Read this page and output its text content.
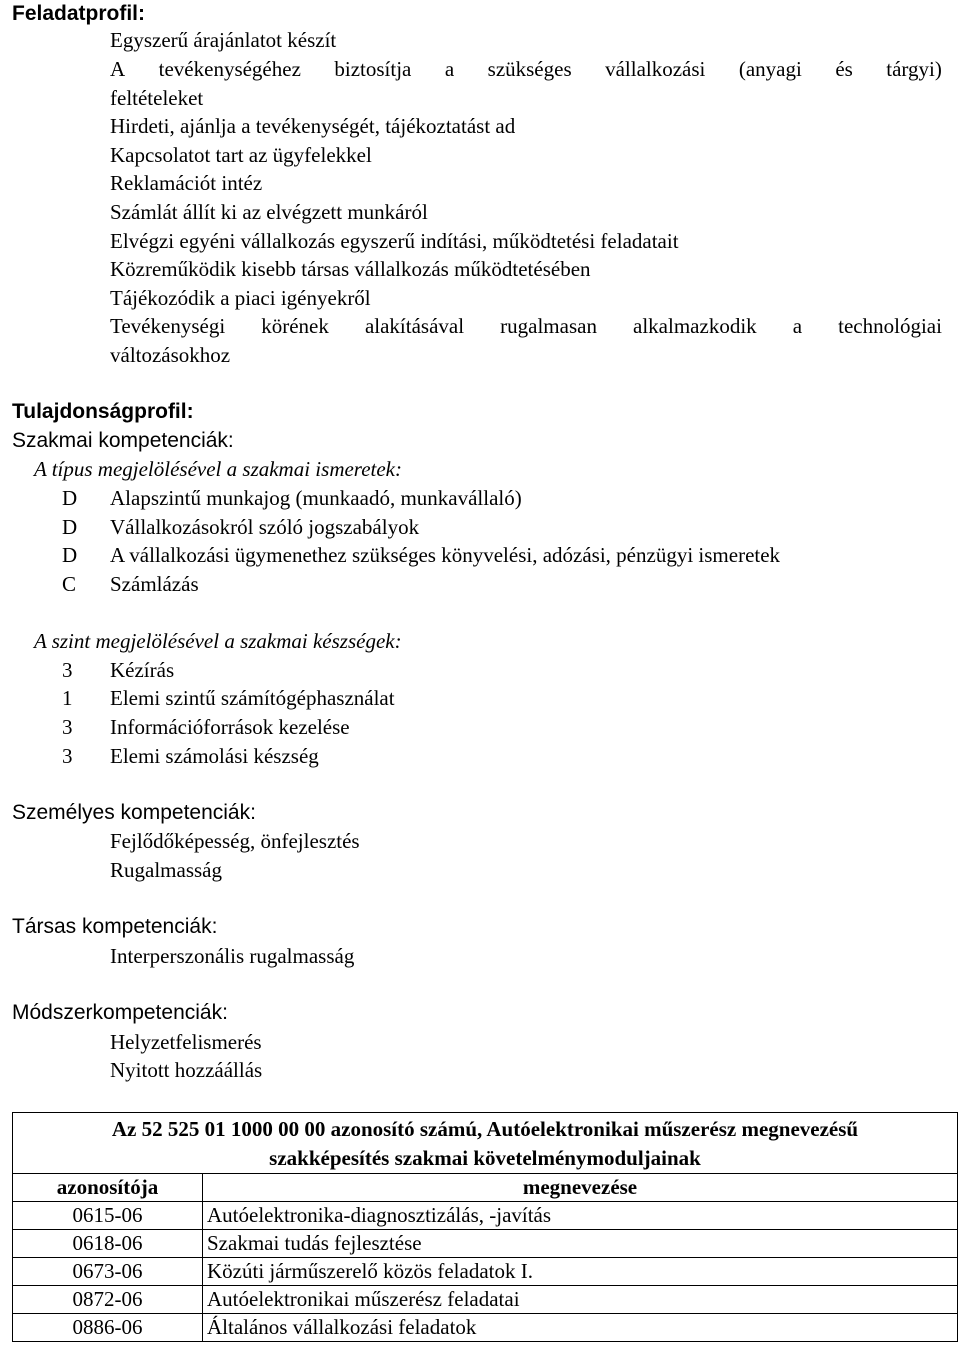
Feladatprofil:
Egyszerű árajánlatot készít
A tevékenységéhez biztosítja a szükséges vállalkozási (anyagi és tárgyi)
feltételeket
Hirdeti, ajánlja a tevékenységét, tájékoztatást ad
Kapcsolatot tart az ügyfelekkel
Reklamációt intéz
Számlát állít ki az elvégzett munkáról
Elvégzi egyéni vállalkozás egyszerű indítási, működtetési feladatait
Közreműködik kisebb társas vállalkozás működtetésében
Tájékozódik a piaci igényekről
Tevékenységi körének alakításával rugalmasan alkalmazkodik a technológiai
változásokhoz
Tulajdonságprofil:
Szakmai kompetenciák:
A típus megjelölésével a szakmai ismeretek:
D Alapszintű munkajog (munkaadó, munkavállaló)
D Vállalkozásokról szóló jogszabályok
D A vállalkozási ügymenethez szükséges könyvelési, adózási, pénzügyi ismeretek
C Számlázás
A szint megjelölésével a szakmai készségek:
3 Kézírás
1 Elemi szintű számítógéphasználat
3 Információforrások kezelése
3 Elemi számolási készség
Személyes kompetenciák:
Fejlődőképesség, önfejlesztés
Rugalmasság
Társas kompetenciák:
Interperszonális rugalmasság
Módszerkompetenciák:
Helyzetfelismerés
Nyitott hozzáállás
Az 52 525 01 1000 00 00 azonosító számú, Autóelektronikai műszerész megnevezésű
szakképesítés szakmai követelménymoduljainak	
azonosítója	megnevezése
0615-06	Autóelektronika-diagnosztizálás, -javítás
0618-06	Szakmai tudás fejlesztése
0673-06	Közúti járműszerelő közös feladatok I.
0872-06	Autóelektronikai műszerész feladatai
0886-06	Általános vállalkozási feladatok
